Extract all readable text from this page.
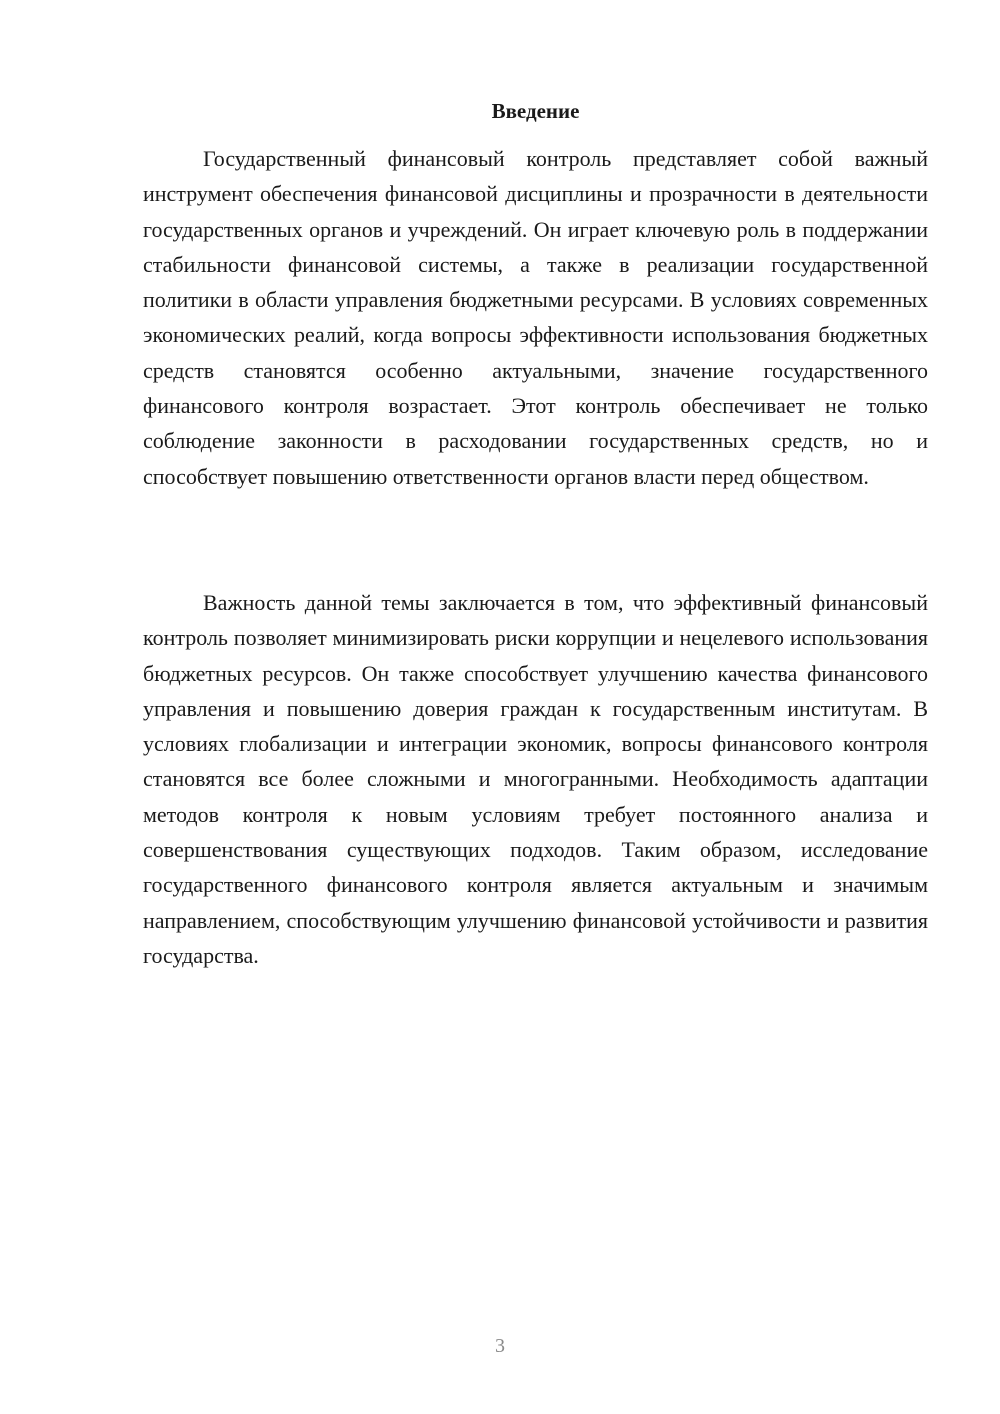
Введение

Государственный финансовый контроль представляет собой важный инструмент обеспечения финансовой дисциплины и прозрачности в деятельности государственных органов и учреждений. Он играет ключевую роль в поддержании стабильности финансовой системы, а также в реализации государственной политики в области управления бюджетными ресурсами. В условиях современных экономических реалий, когда вопросы эффективности использования бюджетных средств становятся особенно актуальными, значение государственного финансового контроля возрастает. Этот контроль обеспечивает не только соблюдение законности в расходовании государственных средств, но и способствует повышению ответственности органов власти перед обществом.

Важность данной темы заключается в том, что эффективный финансовый контроль позволяет минимизировать риски коррупции и нецелевого использования бюджетных ресурсов. Он также способствует улучшению качества финансового управления и повышению доверия граждан к государственным институтам. В условиях глобализации и интеграции экономик, вопросы финансового контроля становятся все более сложными и многогранными. Необходимость адаптации методов контроля к новым условиям требует постоянного анализа и совершенствования существующих подходов. Таким образом, исследование государственного финансового контроля является актуальным и значимым направлением, способствующим улучшению финансовой устойчивости и развития государства.

3
